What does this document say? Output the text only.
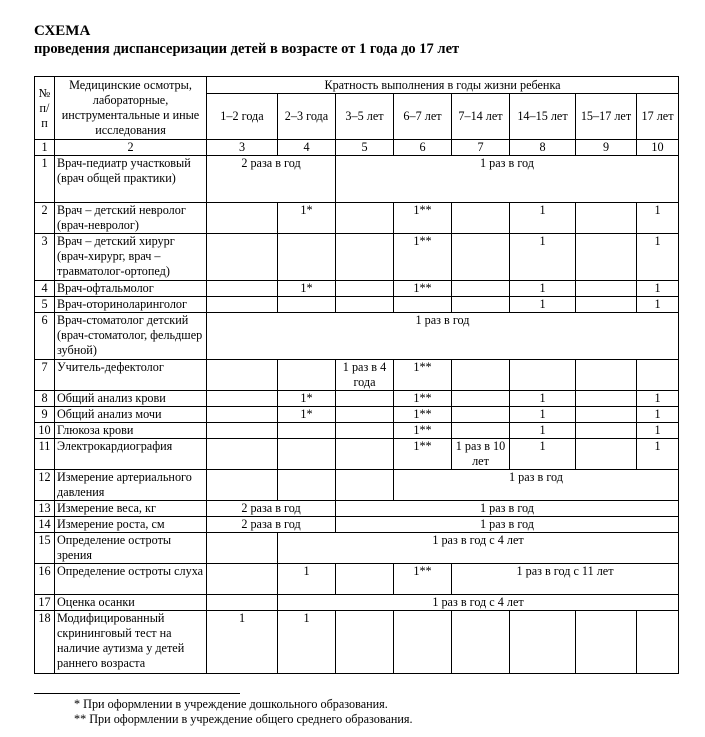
СХЕМА
проведения диспансеризации детей в возрасте от 1 года до 17 лет
№ п/п	Медицинские осмотры, лабораторные, инструментальные и иные исследования	Кратность выполнения в годы жизни ребенка							
		1–2 года	2–3 года	3–5 лет	6–7 лет	7–14 лет	14–15 лет	15–17 лет	17 лет
1	2	3	4	5	6	7	8	9	10
1	Врач-педиатр участковый (врач общей практики)	2 раза в год		1 раз в год					
2	Врач – детский невролог (врач-невролог)		1*		1**		1		1
3	Врач – детский хирург (врач-хирург, врач – травматолог-ортопед)				1**		1		1
4	Врач-офтальмолог		1*		1**		1		1
5	Врач-оториноларинголог						1		1
6	Врач-стоматолог детский (врач-стоматолог, фельдшер зубной)	1 раз в год							
7	Учитель-дефектолог			1 раз в 4 года	1**				
8	Общий анализ крови		1*		1**		1		1
9	Общий анализ мочи		1*		1**		1		1
10	Глюкоза крови				1**		1		1
11	Электрокардиография				1**	1 раз в 10 лет	1		1
12	Измерение артериального давления				1 раз в год				
13	Измерение веса, кг	2 раза в год		1 раз в год					
14	Измерение роста, см	2 раза в год		1 раз в год					
15	Определение остроты зрения		1 раз в год с 4 лет						
16	Определение остроты слуха		1		1**	1 раз в год с 11 лет			
17	Оценка осанки		1 раз в год с 4 лет						
18	Модифицированный скрининговый тест на наличие аутизма у детей раннего возраста	1	1						
* При оформлении в учреждение дошкольного образования.
** При оформлении в учреждение общего среднего образования.
